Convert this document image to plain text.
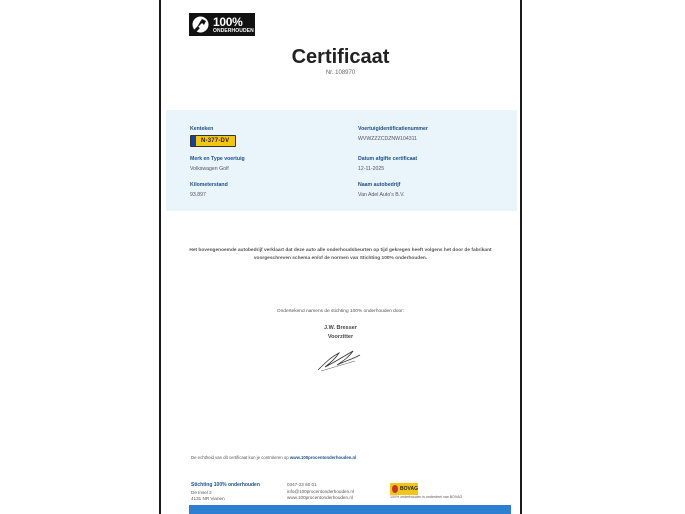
100%
ONDERHOUDEN
Certificaat
Nr. 108970
Kenteken
N-377-DV
Voertuigidentificatienummer
WVWZZZCDZNW104311
Merk en Type voertuig
Volkswagen Golf
Datum afgifte certificaat
12-11-2025
Kilometerstand
93.897
Naam autobedrijf
Van Adel Auto's B.V.
Het bovengenoemde autobedrijf verklaart dat deze auto alle onderhoudsbeurten op tijd gekregen heeft volgens het door de fabrikant voorgeschreven schema en/of de normen van Stichting 100% onderhouden.
Ondertekend namens de stichting 100% onderhouden door:
J.W. Bresser
Voorzitter
De echtheid van dit certificaat kun je controleren op www.100procentonderhouden.nl
Stichting 100% onderhouden
De Insel 2
4131 NR Vianen
0347-23 60 01
info@100procentonderhouden.nl
www.100procentonderhouden.nl
BOVAG
100% onderhouden is onderdeel van BOVAG
